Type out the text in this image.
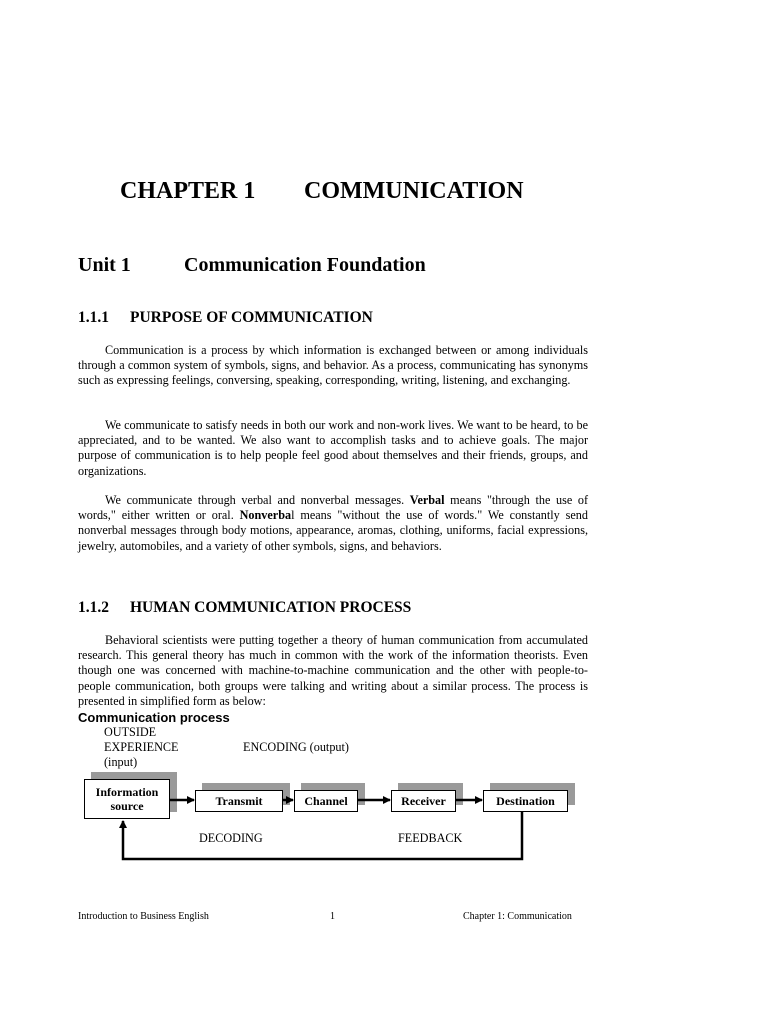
CHAPTER 1 COMMUNICATION
Unit 1	Communication Foundation
1.1.1 PURPOSE OF COMMUNICATION

Communication is a process by which information is exchanged between or among individuals through a common system of symbols, signs, and behavior. As a process, communicating has synonyms such as expressing feelings, conversing, speaking, corresponding, writing, listening, and exchanging.

We communicate to satisfy needs in both our work and non-work lives. We want to be heard, to be appreciated, and to be wanted. We also want to accomplish tasks and to achieve goals. The major purpose of communication is to help people feel good about themselves and their friends, groups, and organizations.

We communicate through verbal and nonverbal messages. Verbal means "through the use of words," either written or oral. Nonverbal means "without the use of words." We constantly send nonverbal messages through body motions, appearance, aromas, clothing, uniforms, facial expressions, jewelry, automobiles, and a variety of other symbols, signs, and behaviors.

1.1.2 HUMAN COMMUNICATION PROCESS

Behavioral scientists were putting together a theory of human communication from accumulated research. This general theory has much in common with the work of the information theorists. Even though one was concerned with machine-to-machine communication and the other with people-to-people communication, both groups were talking and writing about a similar process. The process is presented in simplified form as below:

Communication process
OUTSIDE
EXPERIENCE
(input)
ENCODING (output)
Information
source	Transmit	Channel	Receiver	Destination
DECODING	FEEDBACK
Introduction to Business English	1	Chapter 1: Communication
